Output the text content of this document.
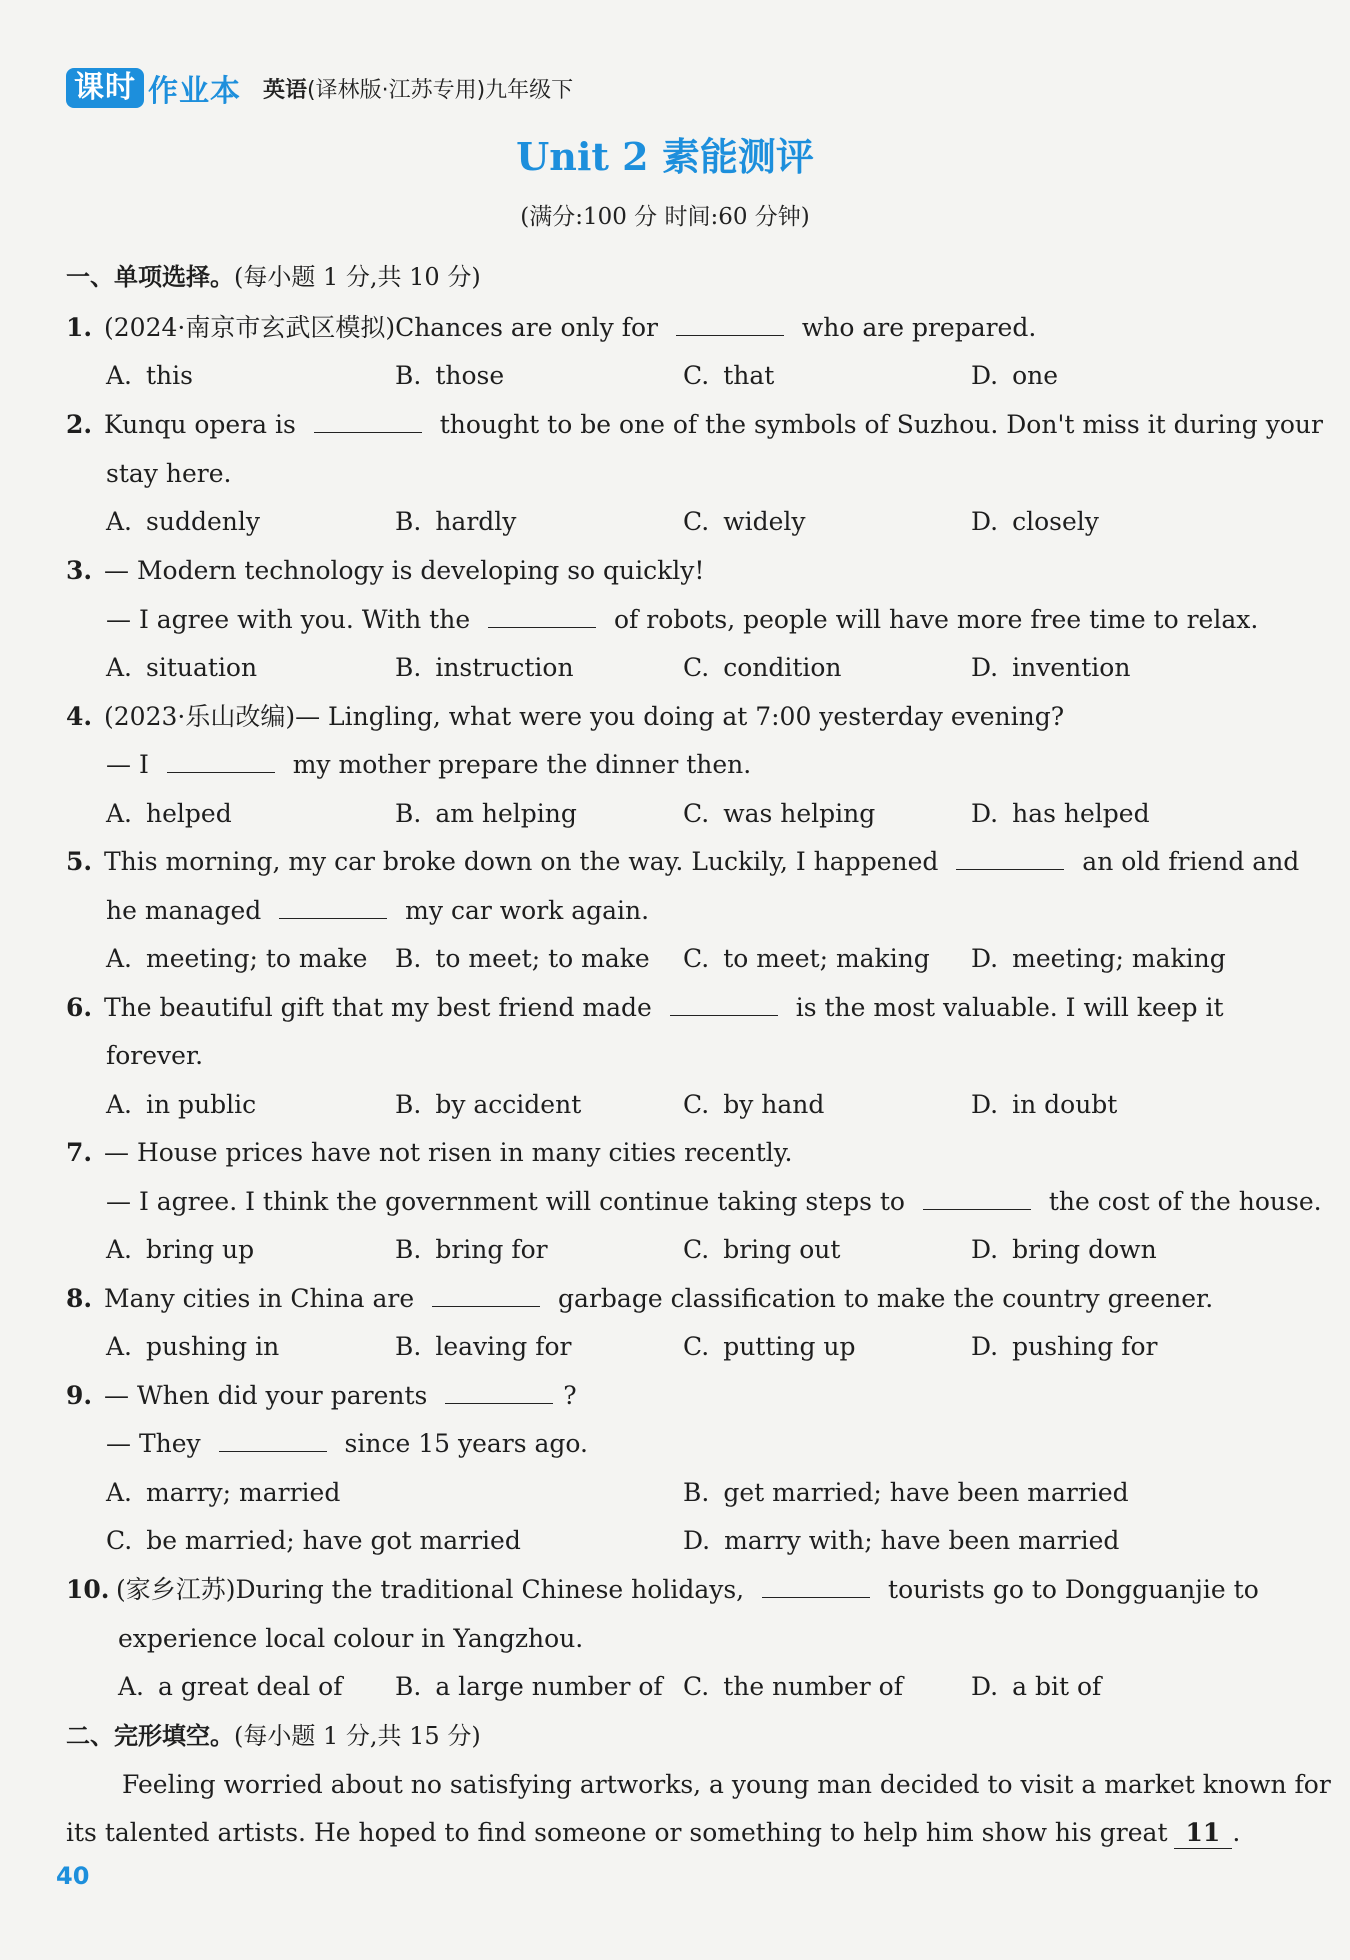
课时 作业本 英语(译林版·江苏专用)九年级下
Unit 2 素能测评
(满分:100 分 时间:60 分钟)
一、单项选择。(每小题 1 分,共 10 分)
1. (2024·南京市玄武区模拟)Chances are only for	who are prepared.
A. this	B. those	C. that	D. one
2. Kunqu opera is	thought to be one of the symbols of Suzhou. Don't miss it during your
stay here.
A. suddenly	B. hardly	C. widely	D. closely
3. — Modern technology is developing so quickly!
— I agree with you. With the	of robots, people will have more free time to relax.
A. situation	B. instruction	C. condition	D. invention
4. (2023·乐山改编)— Lingling, what were you doing at 7:00 yesterday evening?
— I	my mother prepare the dinner then.
A. helped	B. am helping	C. was helping	D. has helped
5. This morning, my car broke down on the way. Luckily, I happened	an old friend and
he managed	my car work again.
A. meeting; to make B. to meet; to make C. to meet; making D. meeting; making
6. The beautiful gift that my best friend made	is the most valuable. I will keep it
forever.
A. in public	B. by accident	C. by hand	D. in doubt
7. — House prices have not risen in many cities recently.
— I agree. I think the government will continue taking steps to	the cost of the house.
A. bring up	B. bring for	C. bring out	D. bring down
8. Many cities in China are	garbage classification to make the country greener.
A. pushing in	B. leaving for	C. putting up	D. pushing for
9. — When did your parents	?
— They	since 15 years ago.
A. marry; married	B. get married; have been married
C. be married; have got married	D. marry with; have been married
10. (家乡江苏)During the traditional Chinese holidays,	tourists go to Dongguanjie to
experience local colour in Yangzhou.
A. a great deal of B. a large number of C. the number of	D. a bit of
二、完形填空。(每小题 1 分,共 15 分)
Feeling worried about no satisfying artworks, a young man decided to visit a market known for
its talented artists. He hoped to find someone or something to help him show his great 11 .
40
